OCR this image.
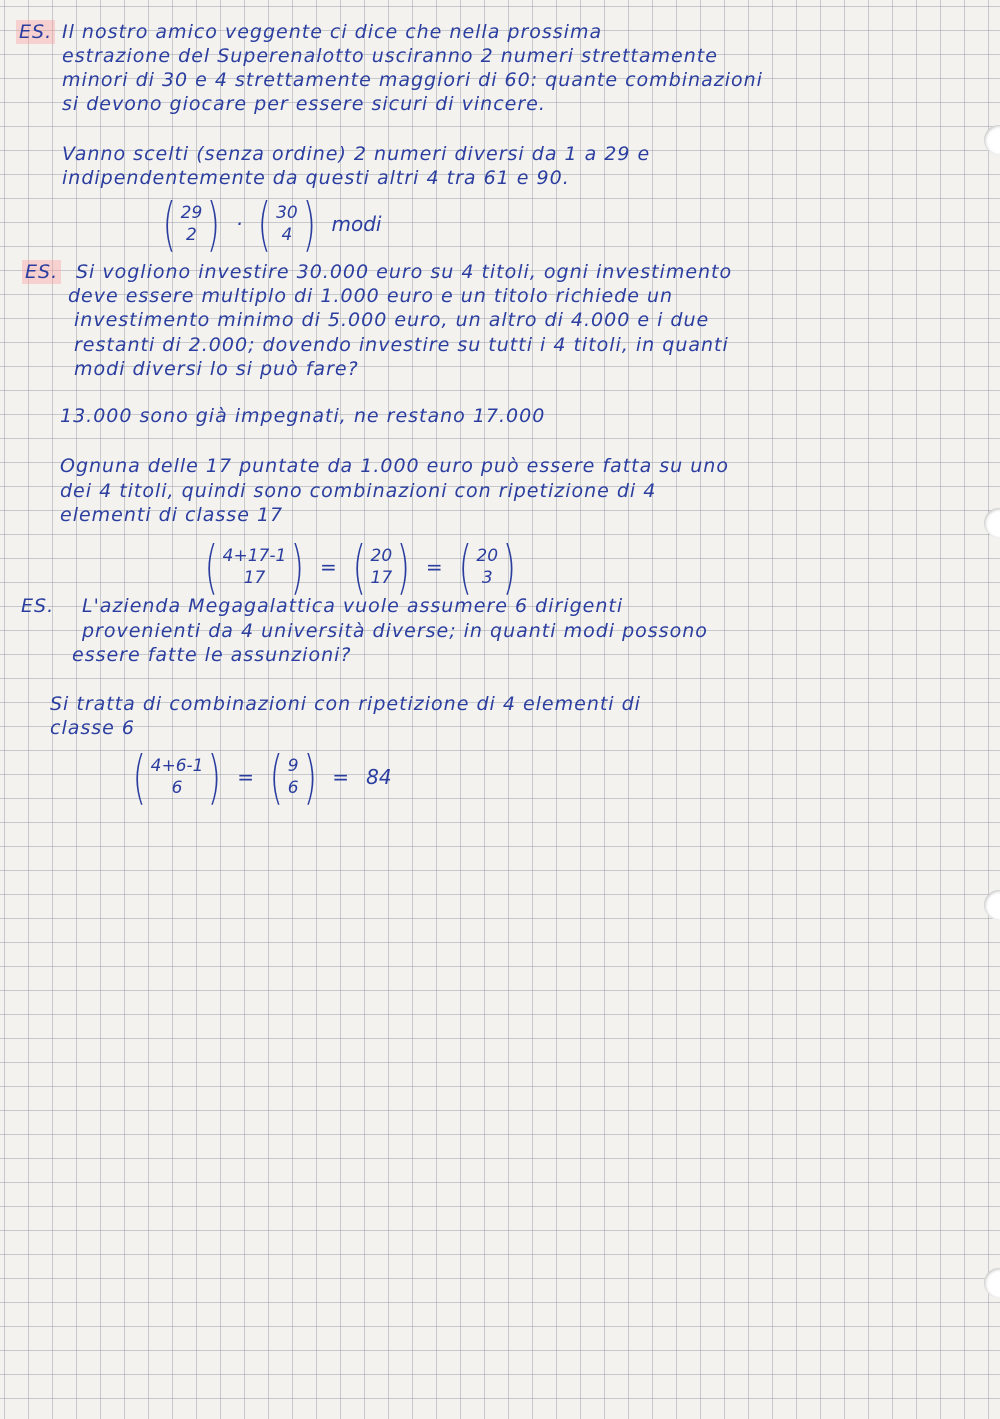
ES. Il nostro amico veggente ci dice che nella prossima
estrazione del Superenalotto usciranno 2 numeri strettamente
minori di 30 e 4 strettamente maggiori di 60: quante combinazioni
si devono giocare per essere sicuri di vincere.
Vanno scelti (senza ordine) 2 numeri diversi da 1 a 29 e
indipendentemente da questi altri 4 tra 61 e 90.
( 29
2 ) · ( 30
4 ) modi
ES. Si vogliono investire 30.000 euro su 4 titoli, ogni investimento
deve essere multiplo di 1.000 euro e un titolo richiede un
investimento minimo di 5.000 euro, un altro di 4.000 e i due
restanti di 2.000; dovendo investire su tutti i 4 titoli, in quanti
modi diversi lo si può fare?
13.000 sono già impegnati, ne restano 17.000
Ognuna delle 17 puntate da 1.000 euro può essere fatta su uno
dei 4 titoli, quindi sono combinazioni con ripetizione di 4
elementi di classe 17
( 4+17-1
17 ) = ( 20
17 ) = ( 20
3 )
ES. L'azienda Megagalattica vuole assumere 6 dirigenti
provenienti da 4 università diverse; in quanti modi possono
essere fatte le assunzioni?
Si tratta di combinazioni con ripetizione di 4 elementi di
classe 6
( 4+6-1
6 ) = ( 9
6 ) = 84
